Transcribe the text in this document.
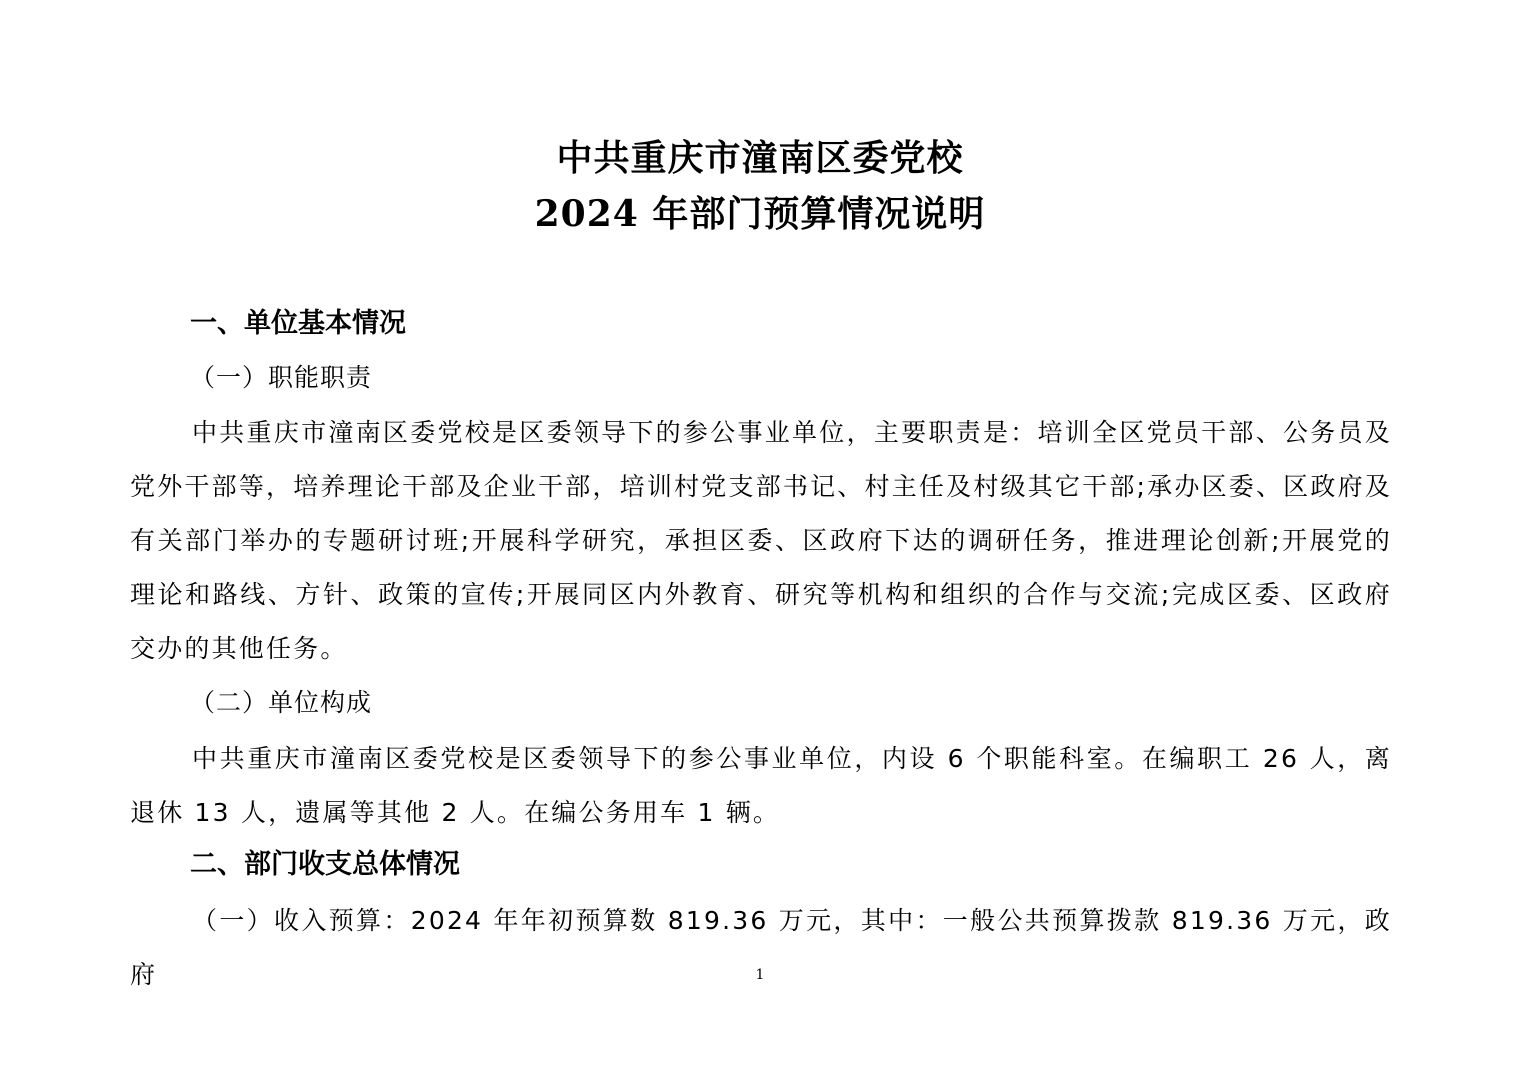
中共重庆市潼南区委党校
2024 年部门预算情况说明
一、单位基本情况
（一）职能职责

中共重庆市潼南区委党校是区委领导下的参公事业单位，主要职责是：培训全区党员干部、公务员及党外干部等，培养理论干部及企业干部，培训村党支部书记、村主任及村级其它干部;承办区委、区政府及有关部门举办的专题研讨班;开展科学研究，承担区委、区政府下达的调研任务，推进理论创新;开展党的理论和路线、方针、政策的宣传;开展同区内外教育、研究等机构和组织的合作与交流;完成区委、区政府交办的其他任务。

（二）单位构成

中共重庆市潼南区委党校是区委领导下的参公事业单位，内设 6 个职能科室。在编职工 26 人，离退休 13 人，遗属等其他 2 人。在编公务用车 1 辆。

二、部门收支总体情况

（一）收入预算：2024 年年初预算数 819.36 万元，其中：一般公共预算拨款 819.36 万元，政府	1
